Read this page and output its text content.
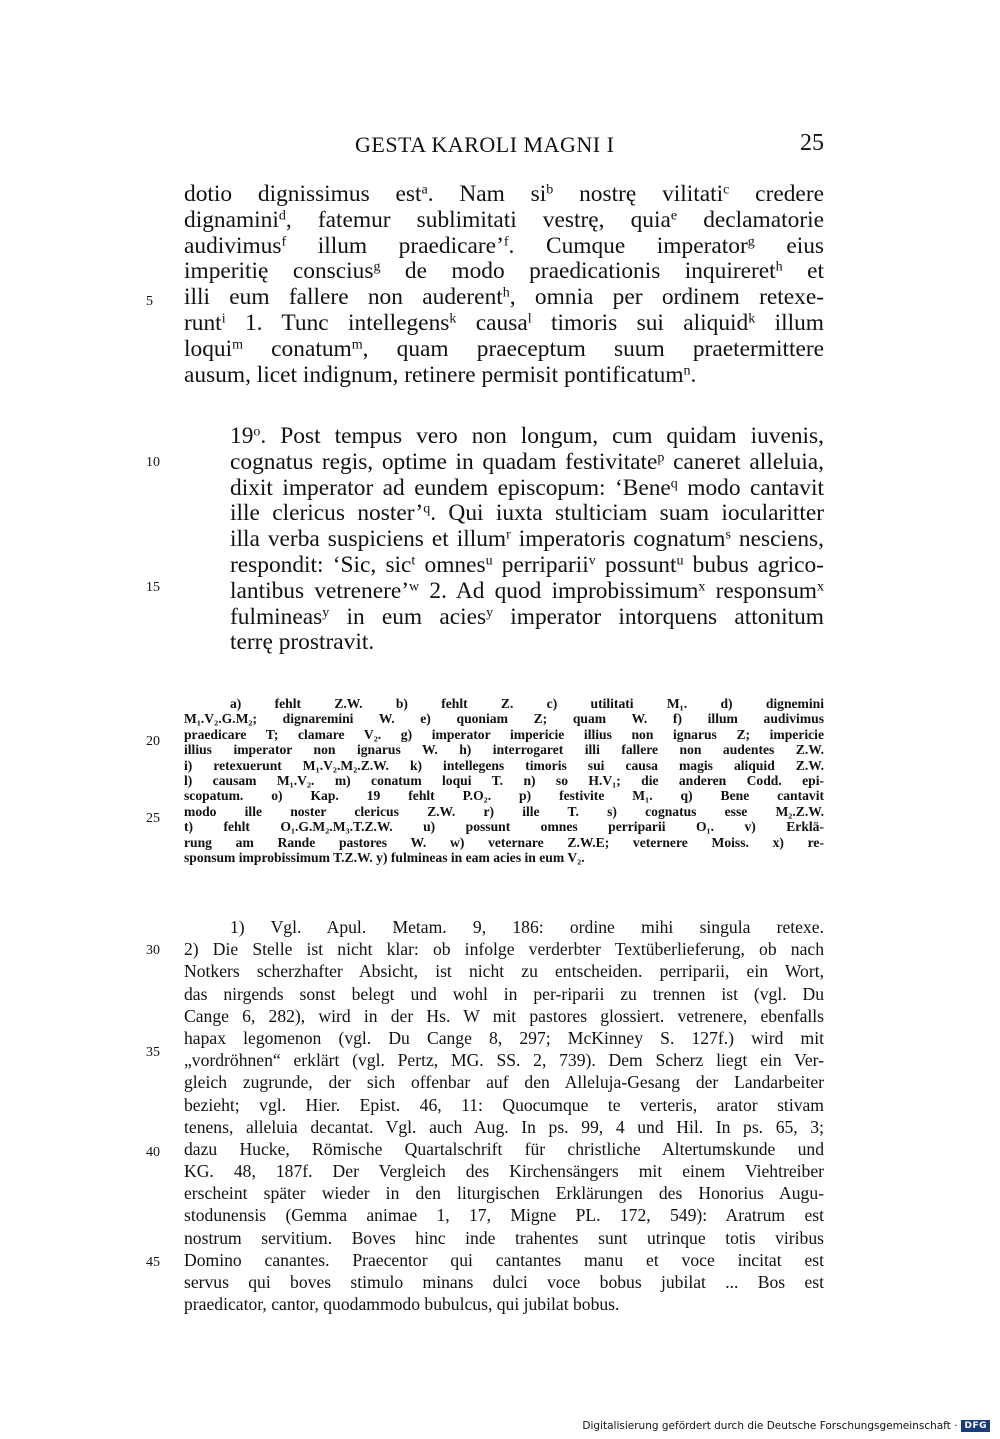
GESTA KAROLI MAGNI I	25
5
10
15
20
25
30
35
40
45
dotio dignissimus est$^a$. Nam $si^b$ nostrę vilitati$^c$ credere
dignamini$^d$, fatemur sublimitati vestrę, quia$^e$ declamatorie
audivimus$^f$ illum praedicare’$^f$. Cumque imperator$^g$ eius
imperitię conscius$^g$ de modo praedicationis inquireret$^h$ et
illi eum fallere non auderent$^h$, omnia per ordinem retexe-
runt$^i$ 1. Tunc intellegens$^k$ causa$^l$ timoris sui aliquid$^k$ illum
loqui$^m$ conatum$^m$, quam praeceptum suum praetermittere
ausum, licet indignum, retinere permisit pontificatum$^n$.
19$^o$. Post tempus vero non longum, cum quidam iuvenis,
cognatus regis, optime in quadam festivitate$^p$ caneret alleluia,
dixit imperator ad eundem episcopum: ‘Bene$^q$ modo cantavit
ille clericus noster’$^q$. Qui iuxta stulticiam suam iocularitter
illa verba suspiciens et illum$^r$ imperatoris cognatum$^s$ nesciens,
respondit: ‘Sic, sic$^t$ omnes$^u$ perriparii$^v$ possunt$^u$ bubus agrico-
lantibus vetrenere’$^w$ 2. Ad quod improbissimum$^x$ responsum$^x$
fulmineas$^y$ in eum acies$^y$ imperator intorquens attonitum
terrę prostravit.
a) fehlt Z.W. b) fehlt Z. c) utilitati M₁. d) dignemini
M₁.V₂.G.M₂; dignaremini W. e) quoniam Z; quam W. f) illum audivimus
praedicare T; clamare V₂. g) imperator impericie illius non ignarus Z; impericie
illius imperator non ignarus W. h) interrogaret illi fallere non audentes Z.W.
i) retexuerunt M₁.V₂.M₂.Z.W. k) intellegens timoris sui causa magis aliquid Z.W.
l) causam M₁.V₂. m) conatum loqui T. n) so H.V₁; die anderen Codd. epi-
scopatum. o) Kap. 19 fehlt P.O₂. p) festivite M₁. q) Bene cantavit
modo ille noster clericus Z.W. r) ille T. s) cognatus esse M₂.Z.W.
t) fehlt O₁.G.M₂.M₃.T.Z.W. u) possunt omnes perriparii O₁. v) Erklä-
rung am Rande pastores W. w) veternare Z.W.E; veternere Moiss. x) re-
sponsum improbissimum T.Z.W. y) fulmineas in eam acies in eum V₂.
1) Vgl. Apul. Metam. 9, 186: ordine mihi singula retexe.
2) Die Stelle ist nicht klar: ob infolge verderbter Textüberlieferung, ob nach
Notkers scherzhafter Absicht, ist nicht zu entscheiden. perriparii, ein Wort,
das nirgends sonst belegt und wohl in per-riparii zu trennen ist (vgl. Du
Cange 6, 282), wird in der Hs. W mit pastores glossiert. vetrenere, ebenfalls
hapax legomenon (vgl. Du Cange 8, 297; McKinney S. 127f.) wird mit
„vordröhnen“ erklärt (vgl. Pertz, MG. SS. 2, 739). Dem Scherz liegt ein Ver-
gleich zugrunde, der sich offenbar auf den Alleluja-Gesang der Landarbeiter
bezieht; vgl. Hier. Epist. 46, 11: Quocumque te verteris, arator stivam
tenens, alleluia decantat. Vgl. auch Aug. In ps. 99, 4 und Hil. In ps. 65, 3;
dazu Hucke, Römische Quartalschrift für christliche Altertumskunde und
KG. 48, 187f. Der Vergleich des Kirchensängers mit einem Viehtreiber
erscheint später wieder in den liturgischen Erklärungen des Honorius Augu-
stodunensis (Gemma animae 1, 17, Migne PL. 172, 549): Aratrum est
nostrum servitium. Boves hinc inde trahentes sunt utrinque totis viribus
Domino canantes. Praecentor qui cantantes manu et voce incitat est
servus qui boves stimulo minans dulci voce bobus jubilat ... Bos est
praedicator, cantor, quodammodo bubulcus, qui jubilat bobus.
Digitalisierung gefördert durch die Deutsche Forschungsgemeinschaft · DFG
